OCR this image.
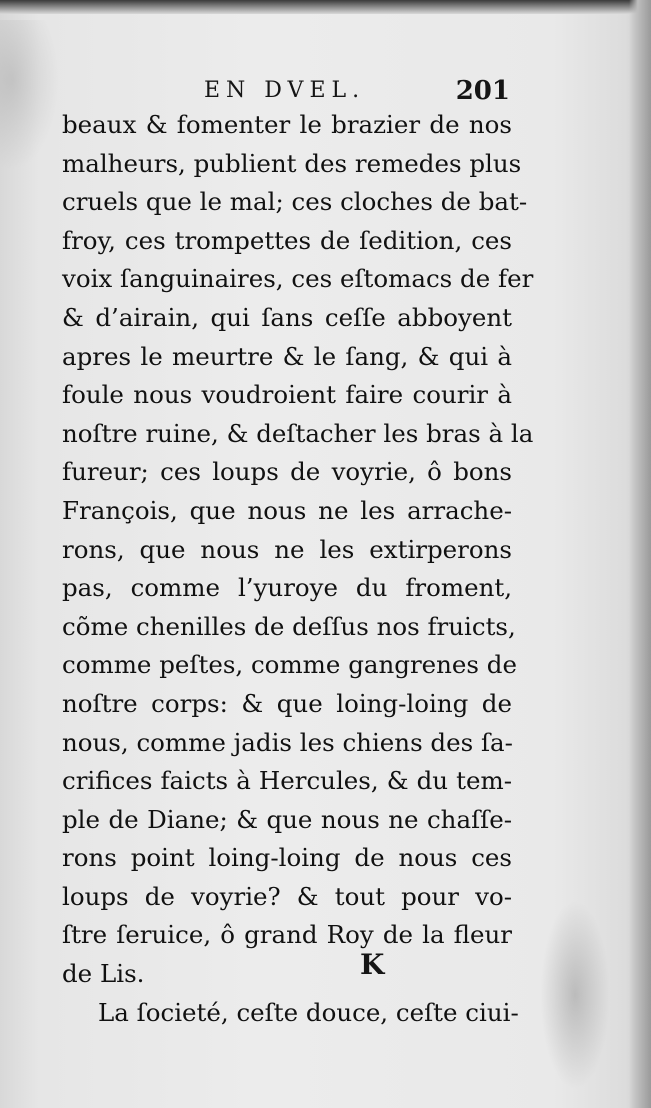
EN DVEL.	201
beaux & fomenter le brazier de nos
malheurs, publient des remedes plus
cruels que le mal; ces cloches de bat-
froy, ces trompettes de ſedition, ces
voix ſanguinaires, ces eſtomacs de fer
& d’airain, qui ſans ceſſe abboyent
apres le meurtre & le ſang, & qui à
foule nous voudroient faire courir à
noſtre ruine, & deſtacher les bras à la
fureur; ces loups de voyrie, ô bons
François, que nous ne les arrache-
rons, que nous ne les extirperons
pas, comme l’yuroye du froment,
cõme chenilles de deſſus nos fruicts,
comme peſtes, comme gangrenes de
noſtre corps: & que loing-loing de
nous, comme jadis les chiens des ſa-
crifices faicts à Hercules, & du tem-
ple de Diane; & que nous ne chaſſe-
rons point loing-loing de nous ces
loups de voyrie? & tout pour vo-
ſtre ſeruice, ô grand Roy de la fleur
de Lis.
La ſocieté, ceſte douce, ceſte ciui-
K
